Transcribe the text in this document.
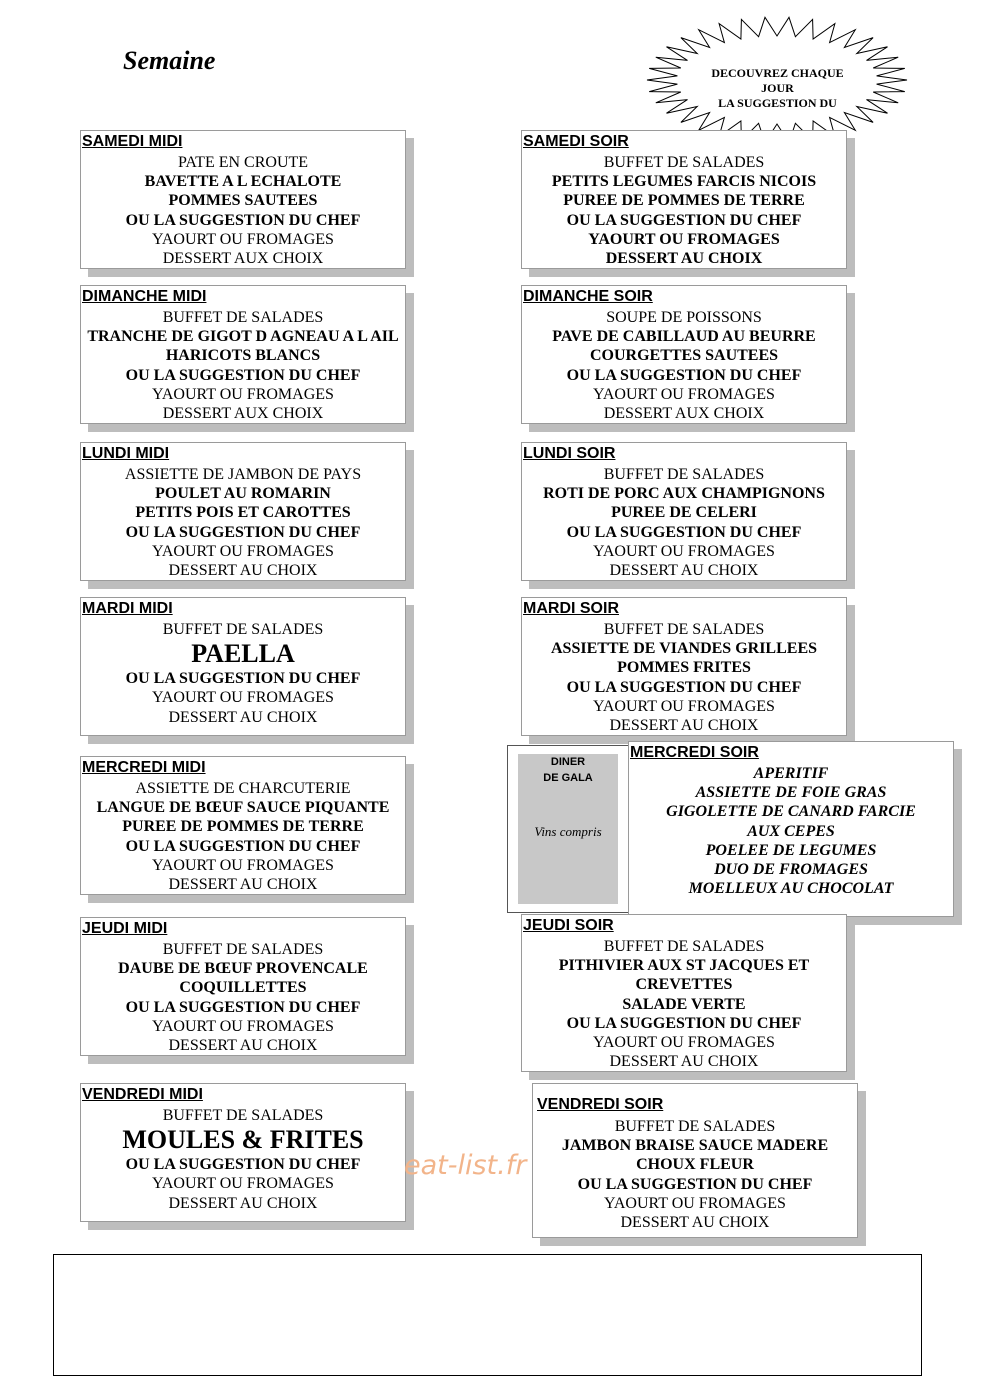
Semaine	DECOUVREZ CHAQUE
JOUR
LA SUGGESTION DU
SAMEDI MIDI
PATE EN CROUTE
BAVETTE A L ECHALOTE
POMMES SAUTEES
OU LA SUGGESTION DU CHEF
YAOURT OU FROMAGES
DESSERT AUX CHOIX
DIMANCHE MIDI
BUFFET DE SALADES
TRANCHE DE GIGOT D AGNEAU A L AIL
HARICOTS BLANCS
OU LA SUGGESTION DU CHEF
YAOURT OU FROMAGES
DESSERT AUX CHOIX
LUNDI MIDI
ASSIETTE DE JAMBON DE PAYS
POULET AU ROMARIN
PETITS POIS ET CAROTTES
OU LA SUGGESTION DU CHEF
YAOURT OU FROMAGES
DESSERT AU CHOIX
MARDI MIDI
BUFFET DE SALADES
PAELLA
OU LA SUGGESTION DU CHEF
YAOURT OU FROMAGES
DESSERT AU CHOIX
MERCREDI MIDI
ASSIETTE DE CHARCUTERIE
LANGUE DE BŒUF SAUCE PIQUANTE
PUREE DE POMMES DE TERRE
OU LA SUGGESTION DU CHEF
YAOURT OU FROMAGES
DESSERT AU CHOIX
JEUDI MIDI
BUFFET DE SALADES
DAUBE DE BŒUF PROVENCALE
COQUILLETTES
OU LA SUGGESTION DU CHEF
YAOURT OU FROMAGES
DESSERT AU CHOIX
VENDREDI MIDI
BUFFET DE SALADES
MOULES & FRITES
OU LA SUGGESTION DU CHEF
YAOURT OU FROMAGES
DESSERT AU CHOIX
SAMEDI SOIR
BUFFET DE SALADES
PETITS LEGUMES FARCIS NICOIS
PUREE DE POMMES DE TERRE
OU LA SUGGESTION DU CHEF
YAOURT OU FROMAGES
DESSERT AU CHOIX
DIMANCHE SOIR
SOUPE DE POISSONS
PAVE DE CABILLAUD AU BEURRE
COURGETTES SAUTEES
OU LA SUGGESTION DU CHEF
YAOURT OU FROMAGES
DESSERT AUX CHOIX
LUNDI SOIR
BUFFET DE SALADES
ROTI DE PORC AUX CHAMPIGNONS
PUREE DE CELERI
OU LA SUGGESTION DU CHEF
YAOURT OU FROMAGES
DESSERT AU CHOIX
MARDI SOIR
BUFFET DE SALADES
ASSIETTE DE VIANDES GRILLEES
POMMES FRITES
OU LA SUGGESTION DU CHEF
YAOURT OU FROMAGES
DESSERT AU CHOIX
DINER
DE GALA
Vins compris
MERCREDI SOIR
APERITIF
ASSIETTE DE FOIE GRAS
GIGOLETTE DE CANARD FARCIE
AUX CEPES
POELEE DE LEGUMES
DUO DE FROMAGES
MOELLEUX AU CHOCOLAT
JEUDI SOIR
BUFFET DE SALADES
PITHIVIER AUX ST JACQUES ET
CREVETTES
SALADE VERTE
OU LA SUGGESTION DU CHEF
YAOURT OU FROMAGES
DESSERT AU CHOIX
VENDREDI SOIR
BUFFET DE SALADES
JAMBON BRAISE SAUCE MADERE
CHOUX FLEUR
OU LA SUGGESTION DU CHEF
YAOURT OU FROMAGES
DESSERT AU CHOIX
eat-list.fr
